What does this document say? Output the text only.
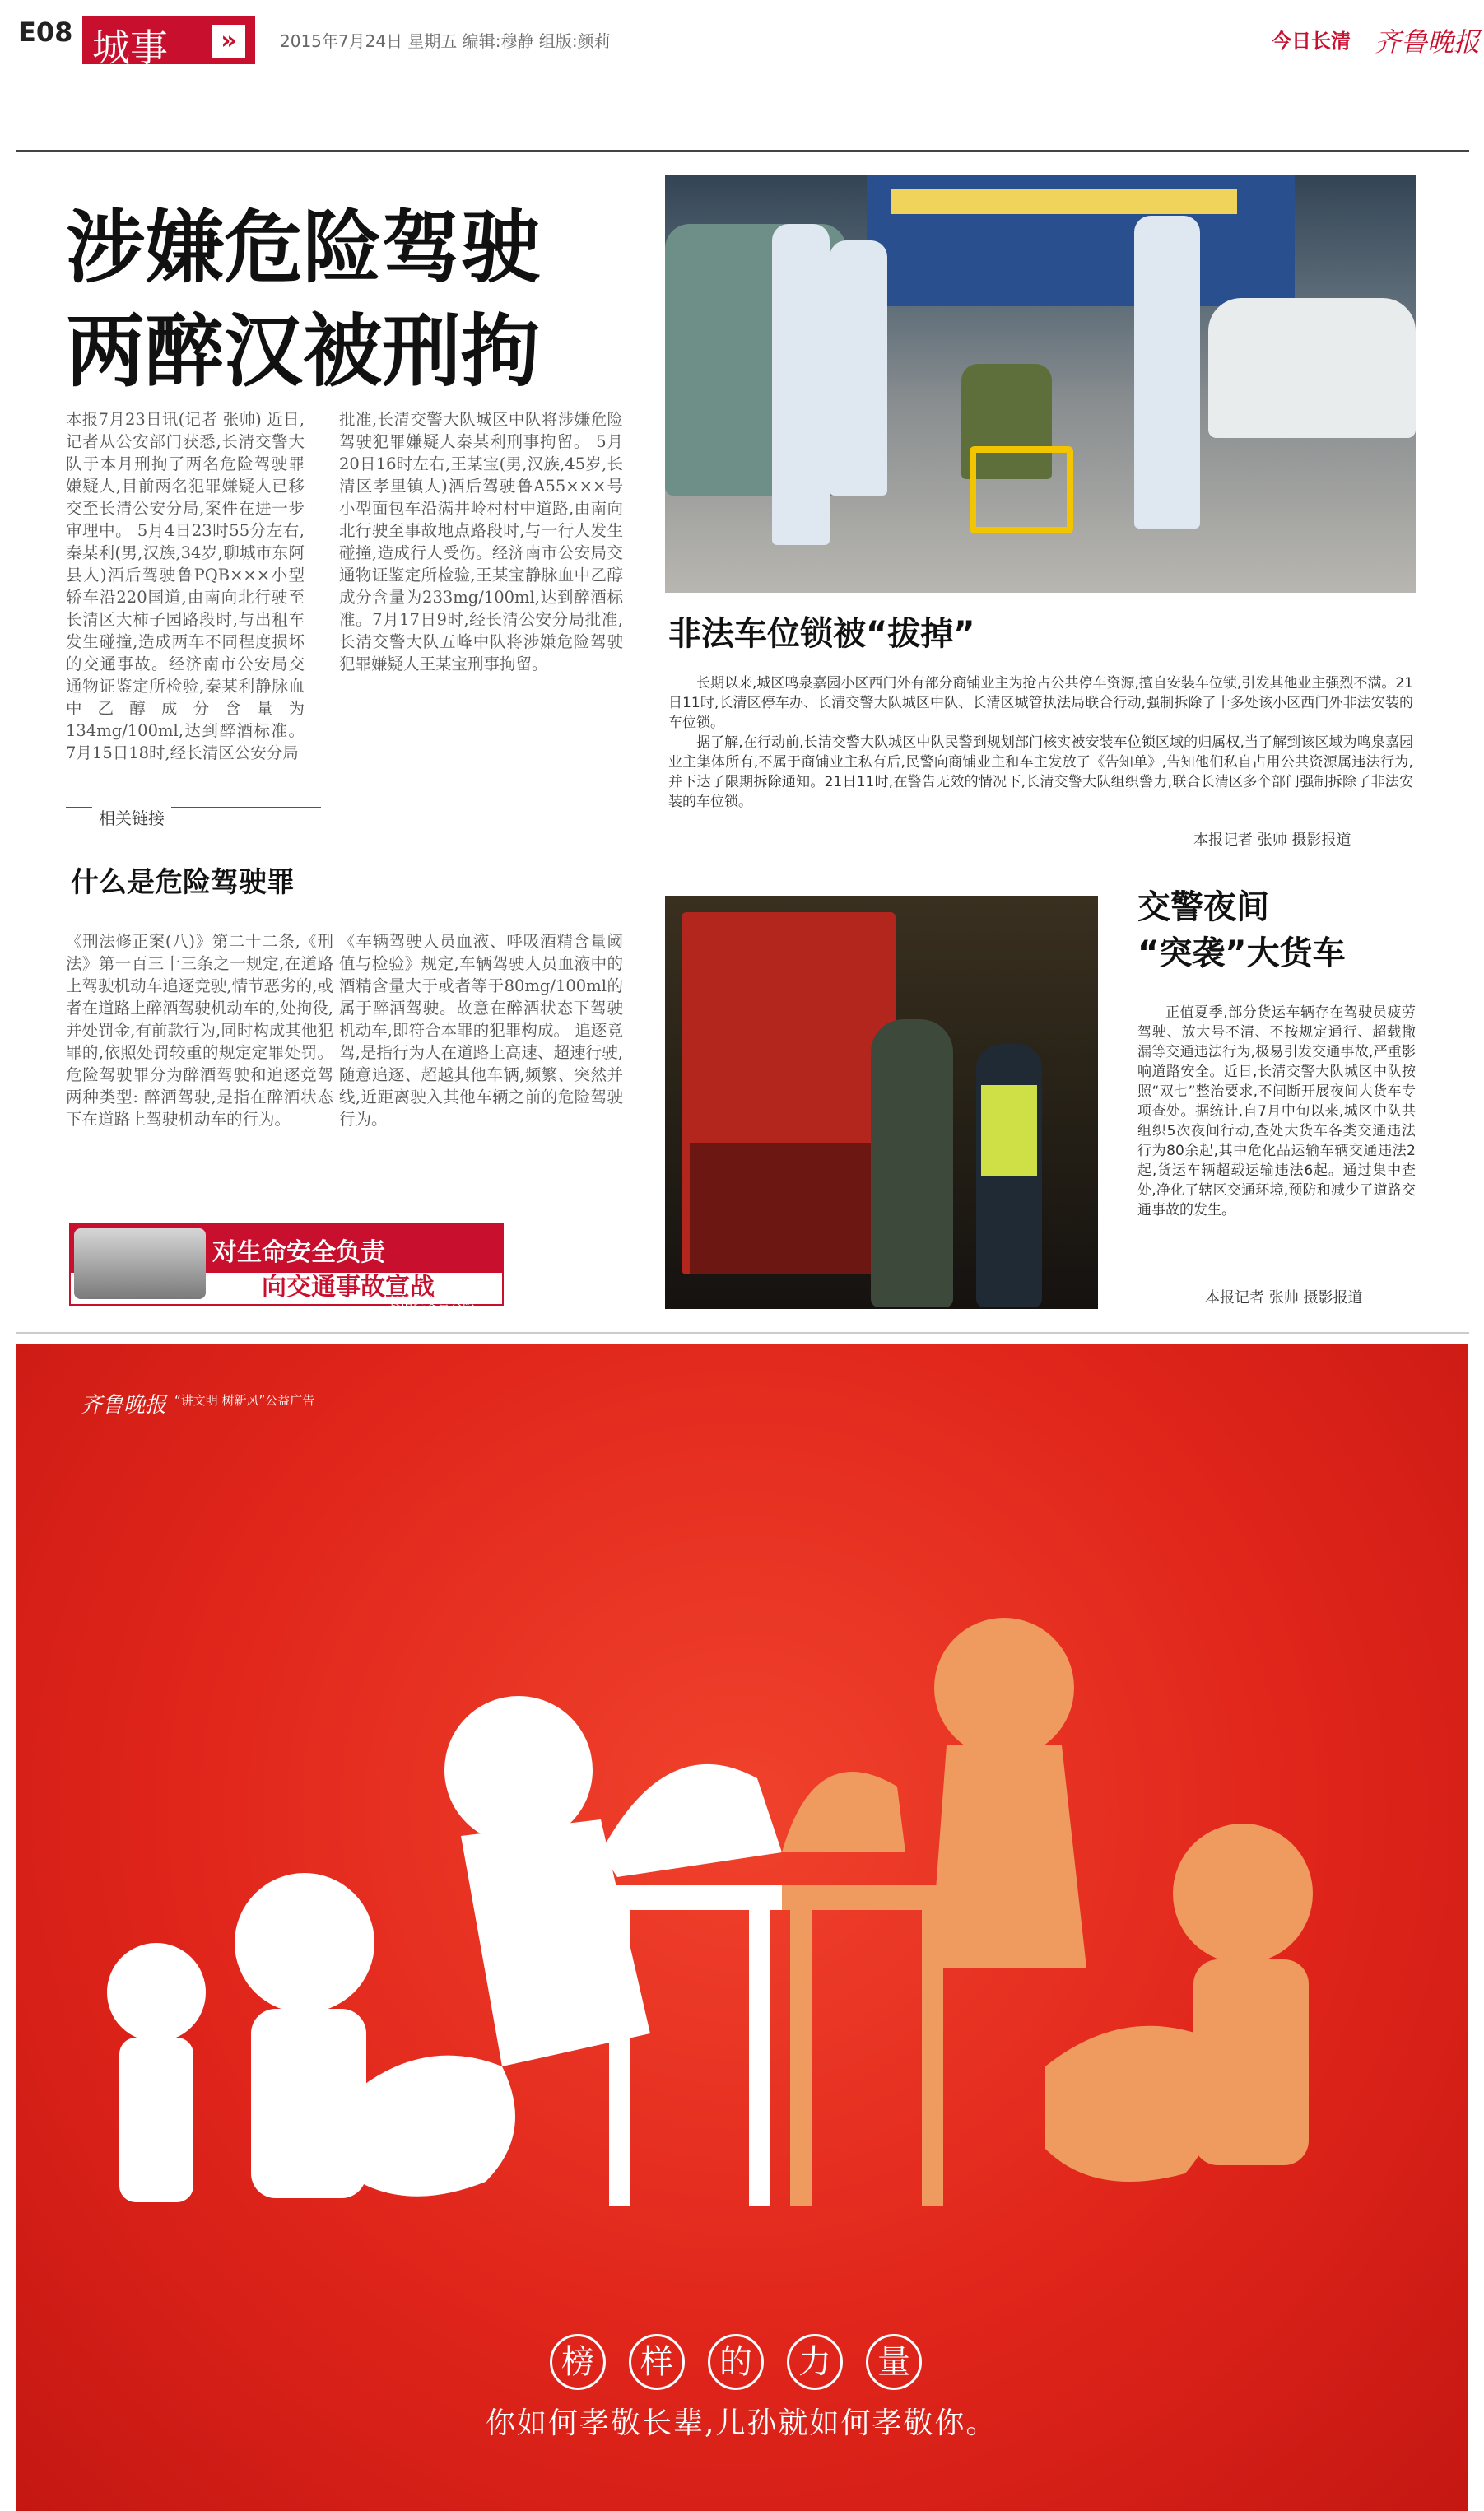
E08 城事	»	2015年7月24日 星期五 编辑:穆静 组版:颜莉	今日长清 齐鲁晚报
涉嫌危险驾驶
两醉汉被刑拘
本报7月23日讯(记者 张帅) 近日,记者从公安部门获悉,长清交警大队于本月刑拘了两名危险驾驶罪嫌疑人,目前两名犯罪嫌疑人已移交至长清公安分局,案件在进一步审理中。 5月4日23时55分左右,秦某利(男,汉族,34岁,聊城市东阿县人)酒后驾驶鲁PQB×××小型轿车沿220国道,由南向北行驶至长清区大柿子园路段时,与出租车发生碰撞,造成两车不同程度损坏的交通事故。经济南市公安局交通物证鉴定所检验,秦某利静脉血中乙醇成分含量为134mg/100ml,达到醉酒标准。7月15日18时,经长清区公安分局
批准,长清交警大队城区中队将涉嫌危险驾驶犯罪嫌疑人秦某利刑事拘留。 5月20日16时左右,王某宝(男,汉族,45岁,长清区孝里镇人)酒后驾驶鲁A55×××号小型面包车沿满井岭村村中道路,由南向北行驶至事故地点路段时,与一行人发生碰撞,造成行人受伤。经济南市公安局交通物证鉴定所检验,王某宝静脉血中乙醇成分含量为233mg/100ml,达到醉酒标准。7月17日9时,经长清公安分局批准,长清交警大队五峰中队将涉嫌危险驾驶犯罪嫌疑人王某宝刑事拘留。
相关链接
什么是危险驾驶罪
《刑法修正案(八)》第二十二条,《刑法》第一百三十三条之一规定,在道路上驾驶机动车追逐竞驶,情节恶劣的,或者在道路上醉酒驾驶机动车的,处拘役,并处罚金,有前款行为,同时构成其他犯罪的,依照处罚较重的规定定罪处罚。 危险驾驶罪分为醉酒驾驶和追逐竞驾两种类型: 醉酒驾驶,是指在醉酒状态下在道路上驾驶机动车的行为。
《车辆驾驶人员血液、呼吸酒精含量阈值与检验》规定,车辆驾驶人员血液中的酒精含量大于或者等于80mg/100ml的属于醉酒驾驶。故意在醉酒状态下驾驶机动车,即符合本罪的犯罪构成。 追逐竞驾,是指行为人在道路上高速、超速行驶,随意追逐、超越其他车辆,频繁、突然并线,近距离驶入其他车辆之前的危险驾驶行为。
对生命安全负责
向交通事故宣战
长清区交警大队
非法车位锁被“拔掉”
长期以来,城区鸣泉嘉园小区西门外有部分商铺业主为抢占公共停车资源,擅自安装车位锁,引发其他业主强烈不满。21日11时,长清区停车办、长清交警大队城区中队、长清区城管执法局联合行动,强制拆除了十多处该小区西门外非法安装的车位锁。
据了解,在行动前,长清交警大队城区中队民警到规划部门核实被安装车位锁区域的归属权,当了解到该区域为鸣泉嘉园业主集体所有,不属于商铺业主私有后,民警向商铺业主和车主发放了《告知单》,告知他们私自占用公共资源属违法行为,并下达了限期拆除通知。21日11时,在警告无效的情况下,长清交警大队组织警力,联合长清区多个部门强制拆除了非法安装的车位锁。
本报记者 张帅 摄影报道
交警夜间
“突袭”大货车
正值夏季,部分货运车辆存在驾驶员疲劳驾驶、放大号不清、不按规定通行、超载撒漏等交通违法行为,极易引发交通事故,严重影响道路安全。近日,长清交警大队城区中队按照“双七”整治要求,不间断开展夜间大货车专项查处。据统计,自7月中旬以来,城区中队共组织5次夜间行动,查处大货车各类交通违法行为80余起,其中危化品运输车辆交通违法2起,货运车辆超载运输违法6起。通过集中查处,净化了辖区交通环境,预防和减少了道路交通事故的发生。
本报记者 张帅 摄影报道
齐鲁晚报 “讲文明 树新风”公益广告
榜	样	的	力	量
你如何孝敬长辈,儿孙就如何孝敬你。
